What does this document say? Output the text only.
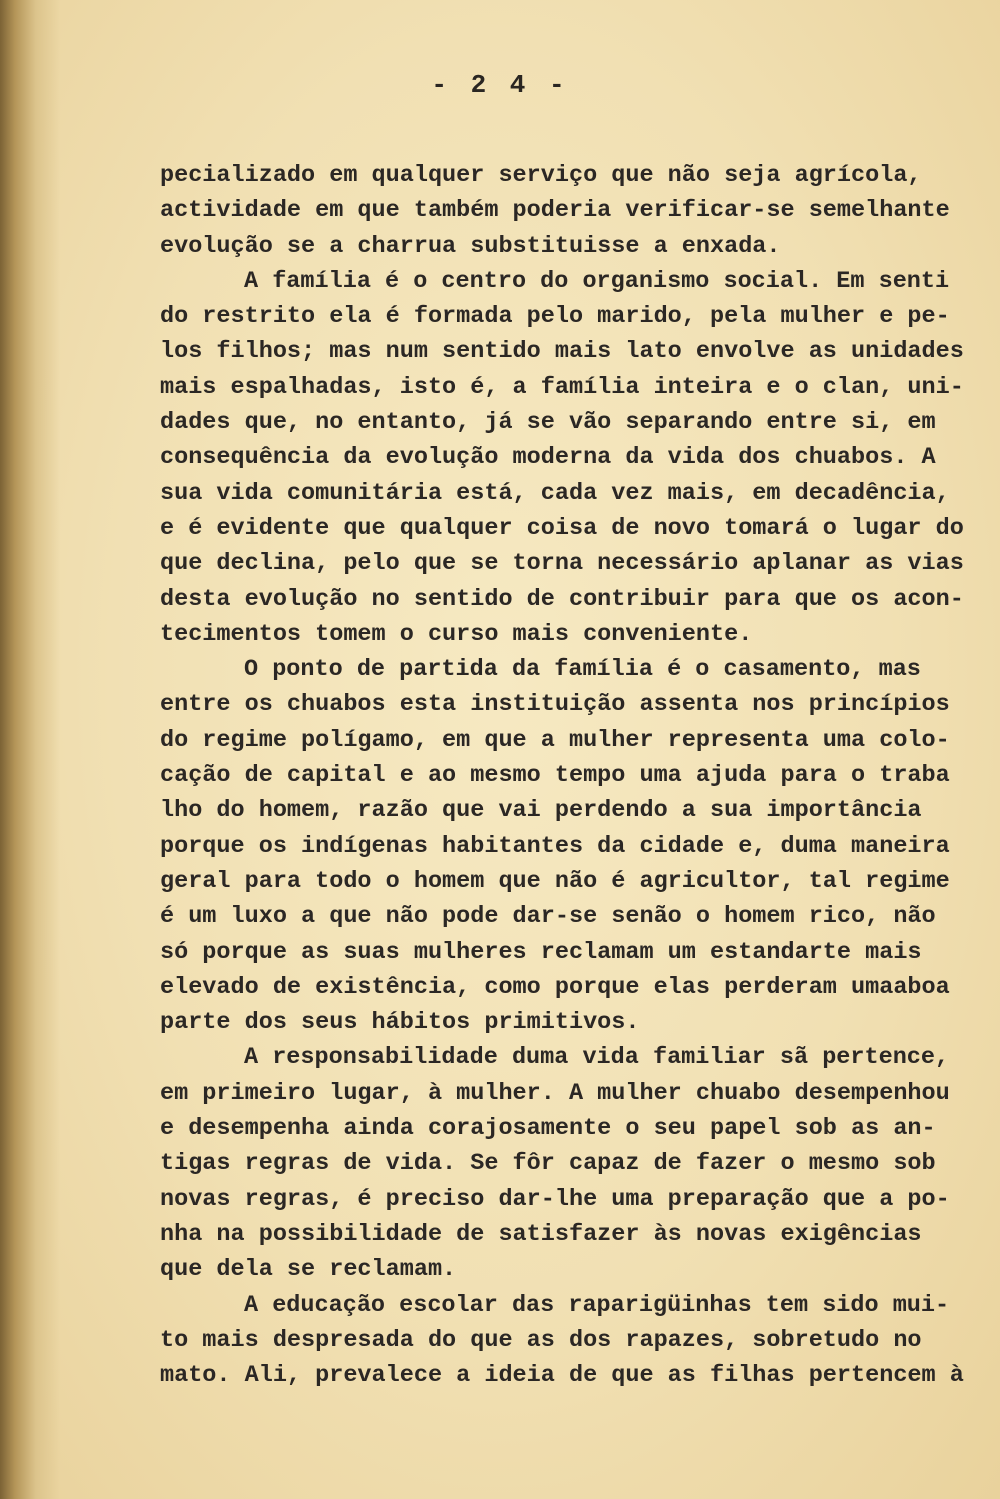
- 2 4 -

pecializado em qualquer serviço que não seja agrícola,
actividade em que também poderia verificar-se semelhante
evolução se a charrua substituisse a enxada.

A família é o centro do organismo social. Em senti
do restrito ela é formada pelo marido, pela mulher e pe-
los filhos; mas num sentido mais lato envolve as unidades
mais espalhadas, isto é, a família inteira e o clan, uni-
dades que, no entanto, já se vão separando entre si, em
consequência da evolução moderna da vida dos chuabos. A
sua vida comunitária está, cada vez mais, em decadência,
e é evidente que qualquer coisa de novo tomará o lugar do
que declina, pelo que se torna necessário aplanar as vias
desta evolução no sentido de contribuir para que os acon-
tecimentos tomem o curso mais conveniente.

O ponto de partida da família é o casamento, mas
entre os chuabos esta instituição assenta nos princípios
do regime polígamo, em que a mulher representa uma colo-
cação de capital e ao mesmo tempo uma ajuda para o traba
lho do homem, razão que vai perdendo a sua importância
porque os indígenas habitantes da cidade e, duma maneira
geral para todo o homem que não é agricultor, tal regime
é um luxo a que não pode dar-se senão o homem rico, não
só porque as suas mulheres reclamam um estandarte mais
elevado de existência, como porque elas perderam umaaboa
parte dos seus hábitos primitivos.

A responsabilidade duma vida familiar sã pertence,
em primeiro lugar, à mulher. A mulher chuabo desempenhou
e desempenha ainda corajosamente o seu papel sob as an-
tigas regras de vida. Se fôr capaz de fazer o mesmo sob
novas regras, é preciso dar-lhe uma preparação que a po-
nha na possibilidade de satisfazer às novas exigências
que dela se reclamam.

A educação escolar das raparigüinhas tem sido mui-
to mais despresada do que as dos rapazes, sobretudo no
mato. Ali, prevalece a ideia de que as filhas pertencem à
